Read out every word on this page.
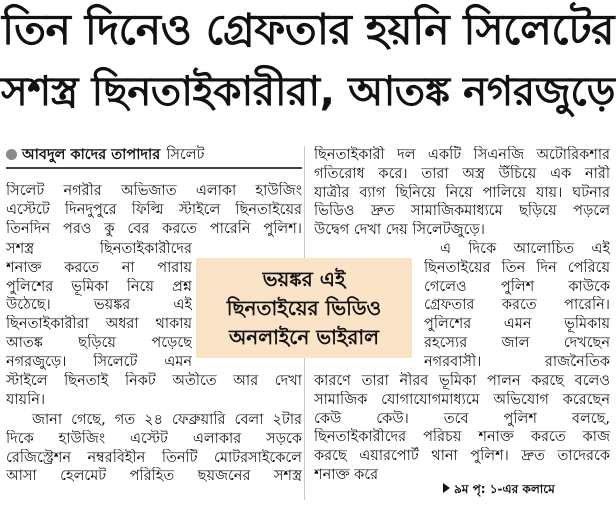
তিন দিনেও গ্রেফতার হয়নি সিলেটের
সশস্ত্র ছিনতাইকারীরা, আতঙ্ক নগরজুড়ে
আবদুল কাদের তাপাদার সিলেট
সিলেট নগরীর অভিজাত এলাকা হাউজিং
এস্টেটে দিনদুপুরে ফিল্মি স্টাইলে ছিনতাইয়ের
তিনদিন পরও কু বের করতে পারেনি পুলিশ।
সশস্ত্র ছিনতাইকারীদের
শনাক্ত করতে না পারায়
পুলিশের ভূমিকা নিয়ে প্রশ্ন
উঠেছে। ভয়ঙ্কর এই
ছিনতাইকারীরা অধরা থাকায়
আতঙ্ক ছড়িয়ে পড়েছে
নগরজুড়ে। সিলেটে এমন
স্টাইলে ছিনতাই নিকট অতীতে আর দেখা
যায়নি।
জানা গেছে, গত ২৪ ফেব্রুয়ারি বেলা ২টার
দিকে হাউজিং এস্টেট এলাকার সড়কে
রেজিস্ট্রেশন নম্বরবিহীন তিনটি মোটরসাইকেলে
আসা হেলমেট পরিহিত ছয়জনের সশস্ত্র
ভয়ঙ্কর এই
ছিনতাইয়ের ভিডিও
অনলাইনে ভাইরাল
ছিনতাইকারী দল একটি সিএনজি অটোরিকশার
গতিরোধ করে। তারা অস্ত্র উঁচিয়ে এক নারী
যাত্রীর ব্যাগ ছিনিয়ে নিয়ে পালিয়ে যায়। ঘটনার
ভিডিও দ্রুত সামাজিকমাধ্যমে ছড়িয়ে পড়লে
উদ্বেগ দেখা দেয় সিলেটজুড়ে।
এ দিকে আলোচিত এই
ছিনতাইয়ের তিন দিন পেরিয়ে
গেলেও পুলিশ কাউকে
গ্রেফতার করতে পারেনি।
পুলিশের এমন ভূমিকায়
রহস্যের জাল দেখছেন
নগরবাসী। রাজনৈতিক
কারণে তারা নীরব ভূমিকা পালন করছে বলেও
সামাজিক যোগাযোগমাধ্যমে অভিযোগ করেছেন
কেউ কেউ। তবে পুলিশ বলছে,
ছিনতাইকারীদের পরিচয় শনাক্ত করতে কাজ
করছে এয়ারপোর্ট থানা পুলিশ। দ্রুত তাদেরকে
শনাক্ত করে
৯ম পৃ: ১-এর কলামে
